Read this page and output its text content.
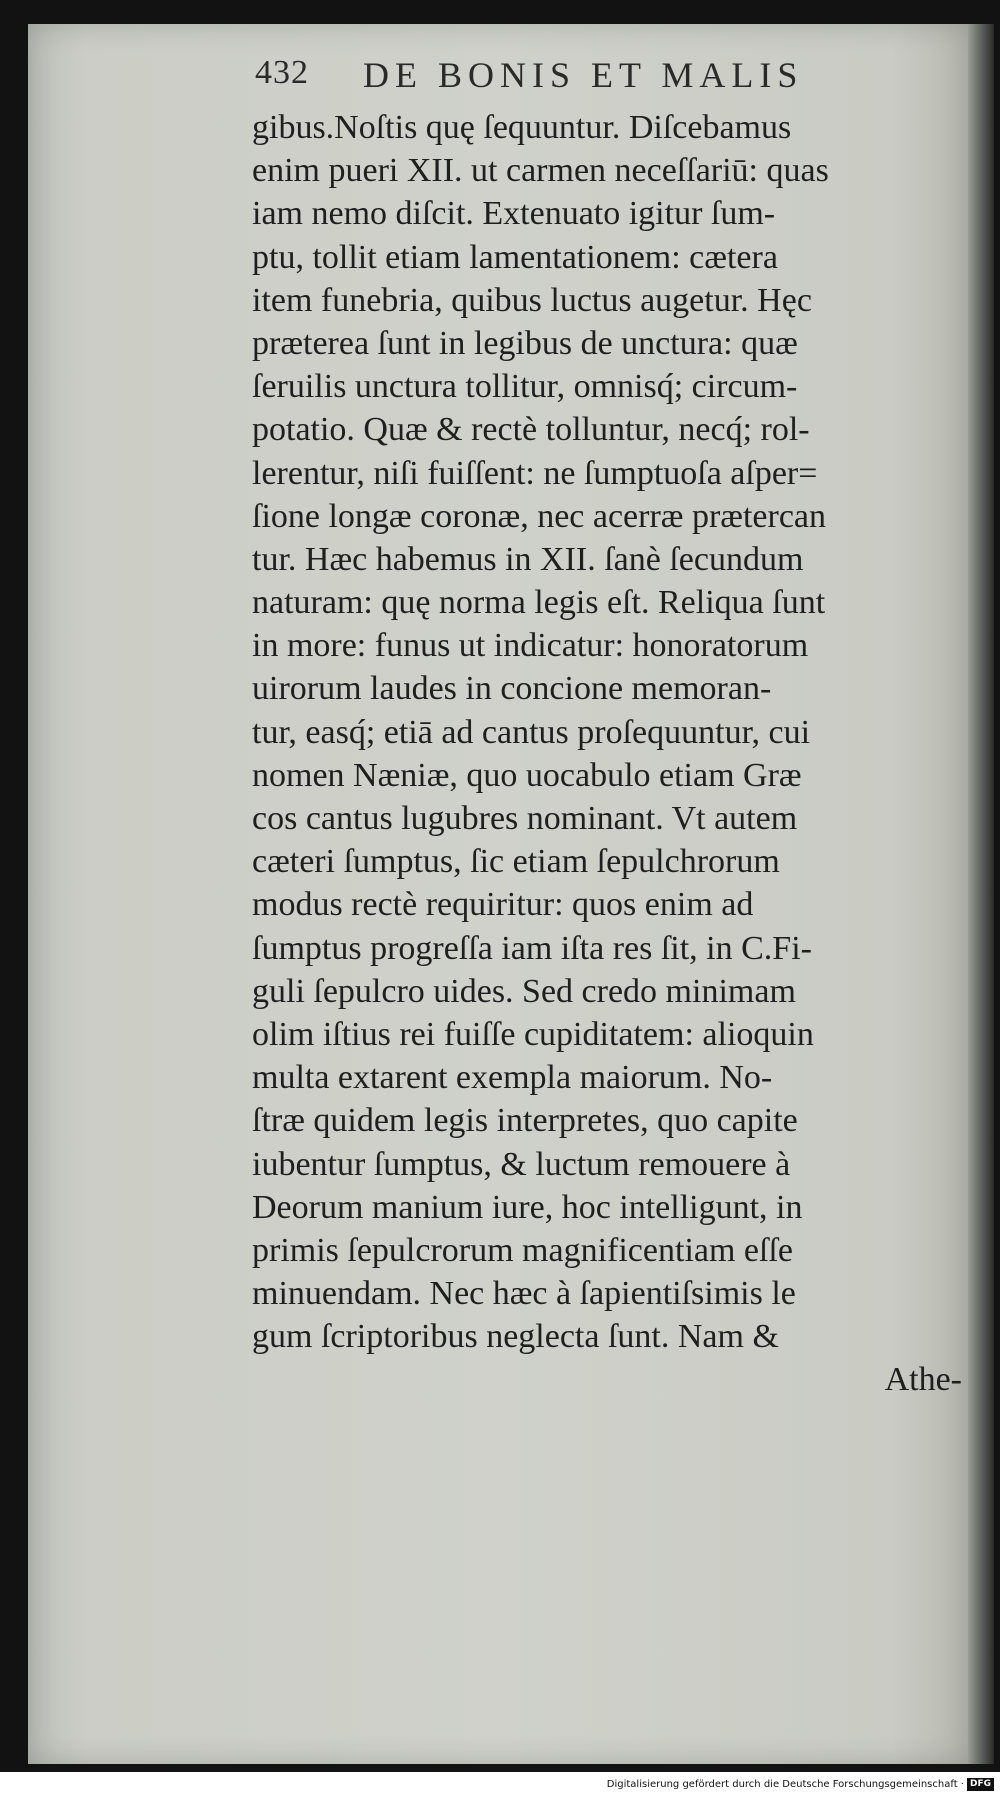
432 DE BONIS ET MALIS
gibus.Noſtis quę ſequuntur. Diſcebamus
enim pueri XII. ut carmen neceſſariū: quas
iam nemo diſcit. Extenuato igitur ſum-
ptu, tollit etiam lamentationem: cætera
item funebria, quibus luctus augetur. Hęc
præterea ſunt in legibus de unctura: quæ
ſeruilis unctura tollitur, omnisq́; circum-
potatio. Quæ & rectè tolluntur, necq́; rol-
lerentur, niſi fuiſſent: ne ſumptuoſa aſper=
ſione longæ coronæ, nec acerræ prætercan
tur. Hæc habemus in XII. ſanè ſecundum
naturam: quę norma legis eſt. Reliqua ſunt
in more: funus ut indicatur: honoratorum
uirorum laudes in concione memoran-
tur, easq́; etiā ad cantus proſequuntur, cui
nomen Næniæ, quo uocabulo etiam Græ
cos cantus lugubres nominant. Vt autem
cæteri ſumptus, ſic etiam ſepulchrorum
modus rectè requiritur: quos enim ad
ſumptus progreſſa iam iſta res ſit, in C.Fi-
guli ſepulcro uides. Sed credo minimam
olim iſtius rei fuiſſe cupiditatem: alioquin
multa extarent exempla maiorum. No-
ſtræ quidem legis interpretes, quo capite
iubentur ſumptus, & luctum remouere à
Deorum manium iure, hoc intelligunt, in
primis ſepulcrorum magnificentiam eſſe
minuendam. Nec hæc à ſapientiſsimis le
gum ſcriptoribus neglecta ſunt. Nam &
Athe-
Digitalisierung gefördert durch die Deutsche Forschungsgemeinschaft · DFG
